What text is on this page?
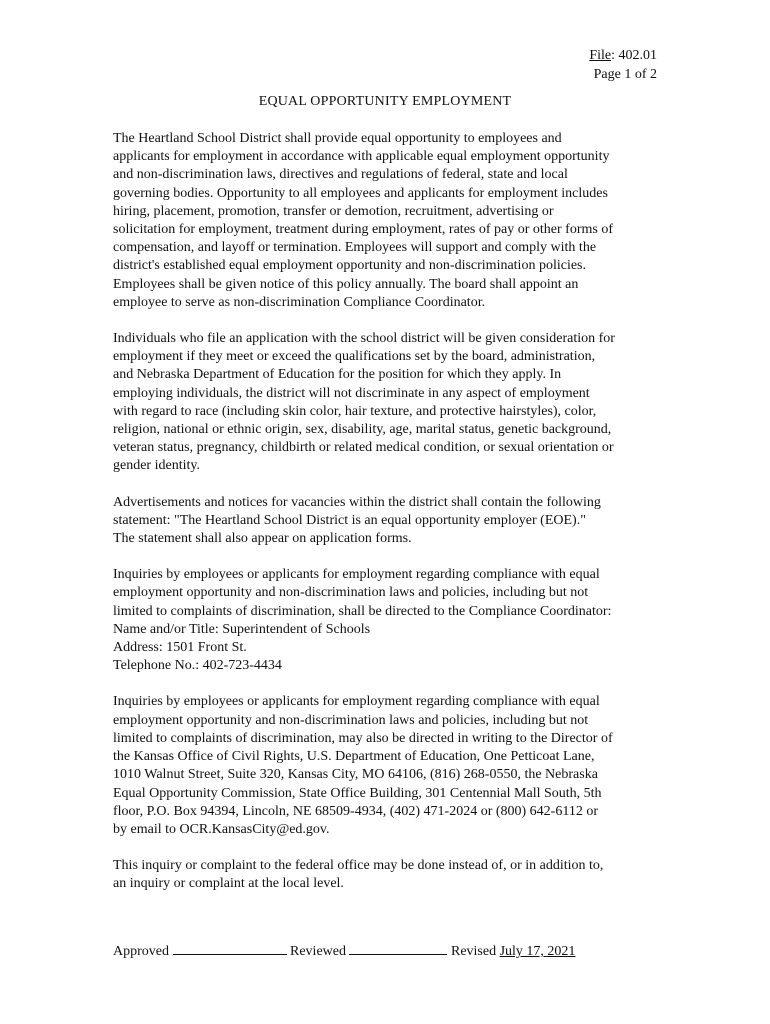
File: 402.01
Page 1 of 2
EQUAL OPPORTUNITY EMPLOYMENT

The Heartland School District shall provide equal opportunity to employees and
applicants for employment in accordance with applicable equal employment opportunity
and non-discrimination laws, directives and regulations of federal, state and local
governing bodies. Opportunity to all employees and applicants for employment includes
hiring, placement, promotion, transfer or demotion, recruitment, advertising or
solicitation for employment, treatment during employment, rates of pay or other forms of
compensation, and layoff or termination. Employees will support and comply with the
district's established equal employment opportunity and non-discrimination policies.
Employees shall be given notice of this policy annually. The board shall appoint an
employee to serve as non-discrimination Compliance Coordinator.

Individuals who file an application with the school district will be given consideration for
employment if they meet or exceed the qualifications set by the board, administration,
and Nebraska Department of Education for the position for which they apply. In
employing individuals, the district will not discriminate in any aspect of employment
with regard to race (including skin color, hair texture, and protective hairstyles), color,
religion, national or ethnic origin, sex, disability, age, marital status, genetic background,
veteran status, pregnancy, childbirth or related medical condition, or sexual orientation or
gender identity.

Advertisements and notices for vacancies within the district shall contain the following
statement: "The Heartland School District is an equal opportunity employer (EOE)."
The statement shall also appear on application forms.

Inquiries by employees or applicants for employment regarding compliance with equal
employment opportunity and non-discrimination laws and policies, including but not
limited to complaints of discrimination, shall be directed to the Compliance Coordinator:
Name and/or Title: Superintendent of Schools
Address: 1501 Front St.
Telephone No.: 402-723-4434

Inquiries by employees or applicants for employment regarding compliance with equal
employment opportunity and non-discrimination laws and policies, including but not
limited to complaints of discrimination, may also be directed in writing to the Director of
the Kansas Office of Civil Rights, U.S. Department of Education, One Petticoat Lane,
1010 Walnut Street, Suite 320, Kansas City, MO 64106, (816) 268-0550, the Nebraska
Equal Opportunity Commission, State Office Building, 301 Centennial Mall South, 5th
floor, P.O. Box 94394, Lincoln, NE 68509-4934, (402) 471-2024 or (800) 642-6112 or
by email to OCR.KansasCity@ed.gov.

This inquiry or complaint to the federal office may be done instead of, or in addition to,
an inquiry or complaint at the local level.

Approved	Reviewed	Revised July 17, 2021
